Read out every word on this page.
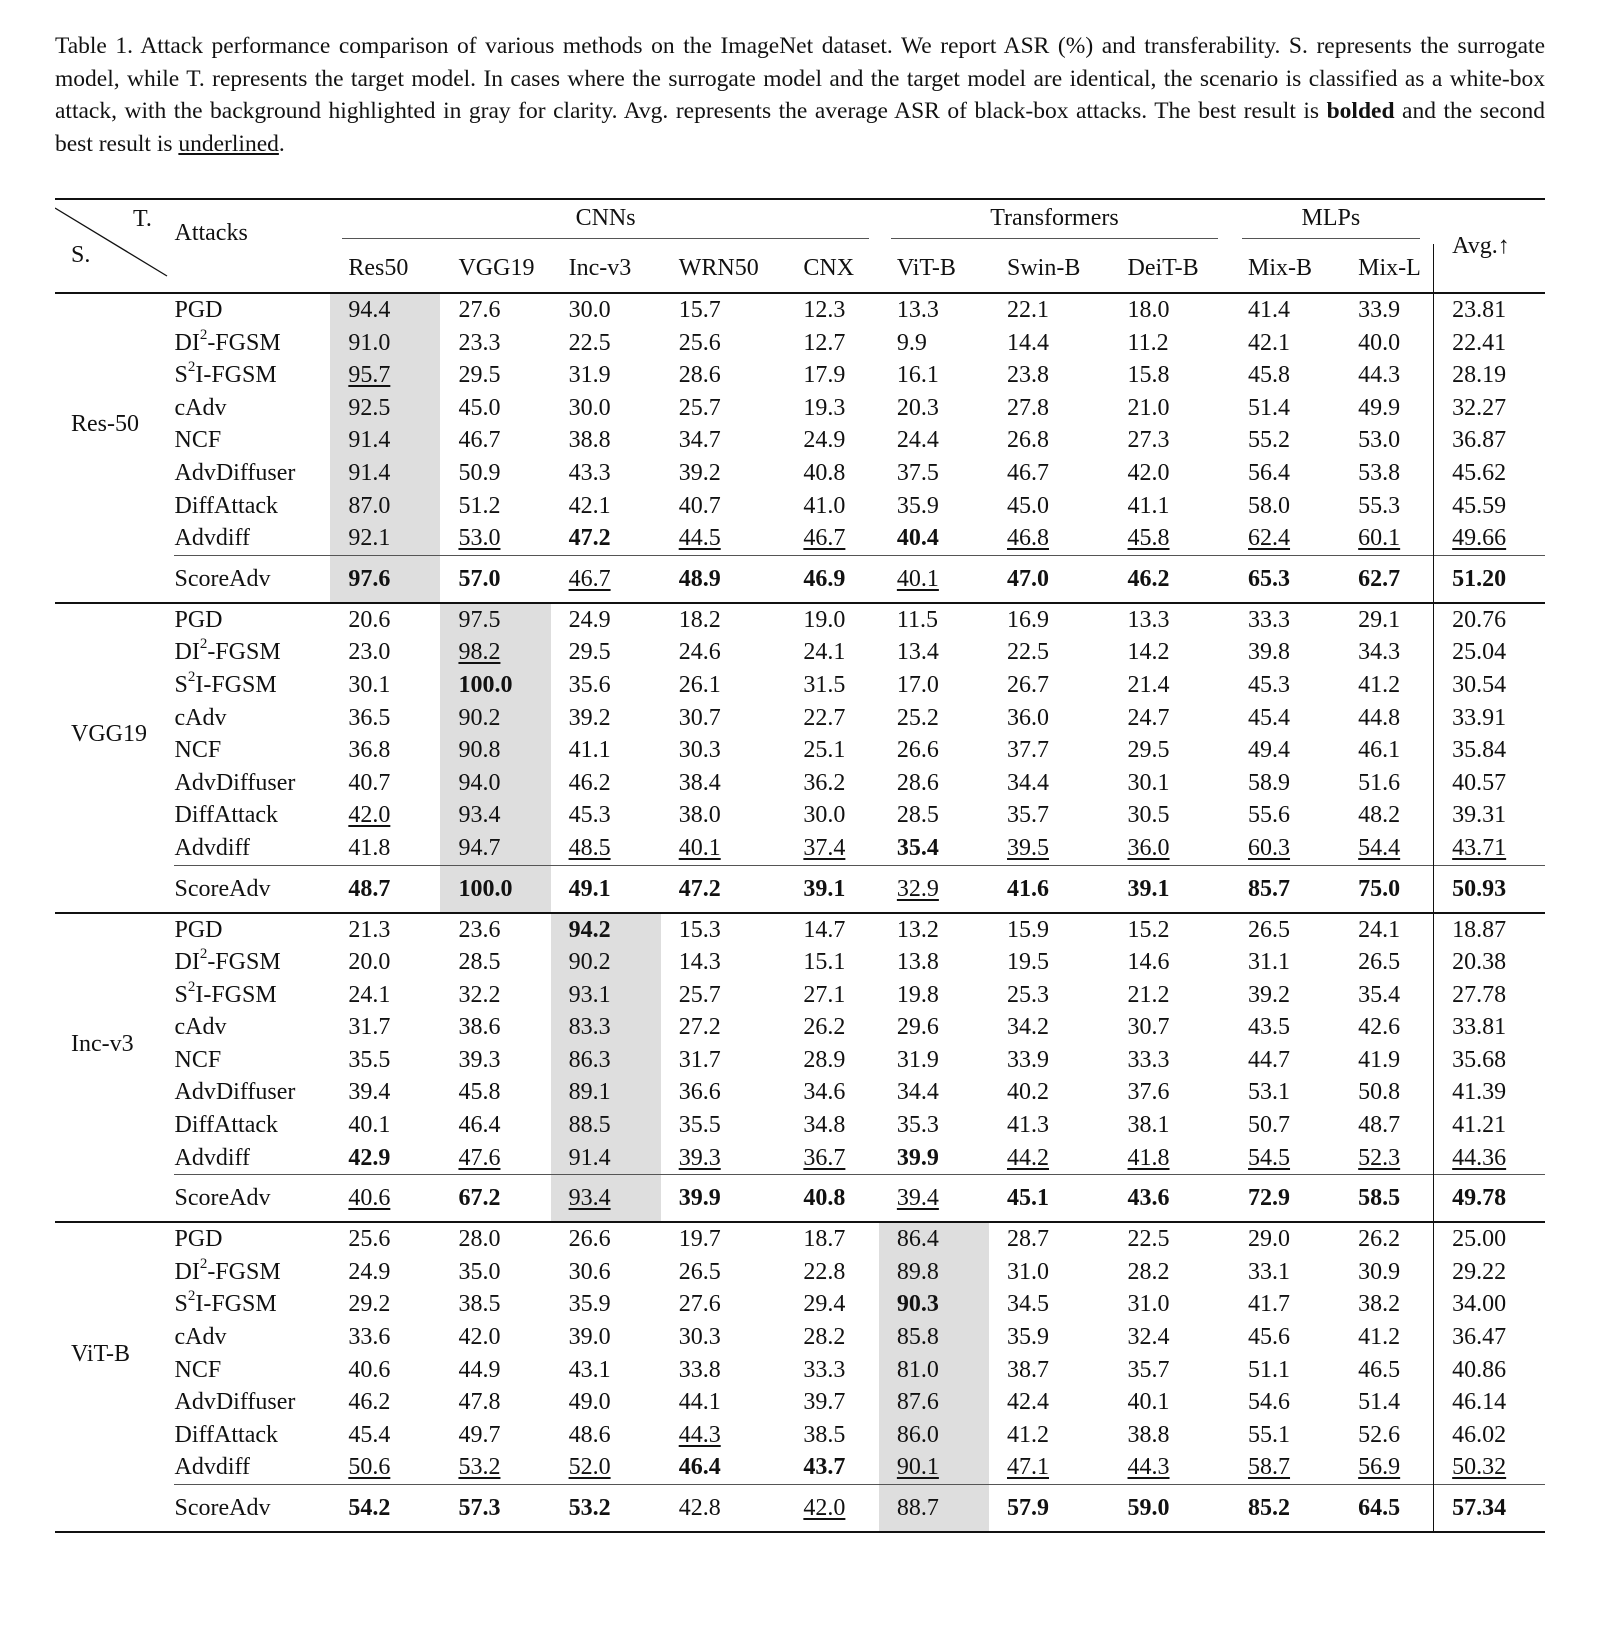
Table 1. Attack performance comparison of various methods on the ImageNet dataset. We report ASR (%) and transferability. S. represents the surrogate model, while T. represents the target model. In cases where the surrogate model and the target model are identical, the scenario is classified as a white-box attack, with the background highlighted in gray for clarity. Avg. represents the average ASR of black-box attacks. The best result is bolded and the second best result is underlined.
T.
S.	Attacks	CNNs					Transformers			MLPs		Avg.↑
		Res50	VGG19	Inc-v3	WRN50	CNX	ViT-B	Swin-B	DeiT-B	Mix-B	Mix-L	
Res-50	PGD	94.4	27.6	30.0	15.7	12.3	13.3	22.1	18.0	41.4	33.9	23.81
	$DI^2$-FGSM	91.0	23.3	22.5	25.6	12.7	9.9	14.4	11.2	42.1	40.0	22.41
	$S^2I$-FGSM	95.7	29.5	31.9	28.6	17.9	16.1	23.8	15.8	45.8	44.3	28.19
	cAdv	92.5	45.0	30.0	25.7	19.3	20.3	27.8	21.0	51.4	49.9	32.27
	NCF	91.4	46.7	38.8	34.7	24.9	24.4	26.8	27.3	55.2	53.0	36.87
	AdvDiffuser	91.4	50.9	43.3	39.2	40.8	37.5	46.7	42.0	56.4	53.8	45.62
	DiffAttack	87.0	51.2	42.1	40.7	41.0	35.9	45.0	41.1	58.0	55.3	45.59
	Advdiff	92.1	53.0	47.2	44.5	46.7	40.4	46.8	45.8	62.4	60.1	49.66

	ScoreAdv	97.6	57.0	46.7	48.9	46.9	40.1	47.0	46.2	65.3	62.7	51.20

VGG19	PGD	20.6	97.5	24.9	18.2	19.0	11.5	16.9	13.3	33.3	29.1	20.76
	$DI^2$-FGSM	23.0	98.2	29.5	24.6	24.1	13.4	22.5	14.2	39.8	34.3	25.04
	$S^2I$-FGSM	30.1	100.0	35.6	26.1	31.5	17.0	26.7	21.4	45.3	41.2	30.54
	cAdv	36.5	90.2	39.2	30.7	22.7	25.2	36.0	24.7	45.4	44.8	33.91
	NCF	36.8	90.8	41.1	30.3	25.1	26.6	37.7	29.5	49.4	46.1	35.84
	AdvDiffuser	40.7	94.0	46.2	38.4	36.2	28.6	34.4	30.1	58.9	51.6	40.57
	DiffAttack	42.0	93.4	45.3	38.0	30.0	28.5	35.7	30.5	55.6	48.2	39.31
	Advdiff	41.8	94.7	48.5	40.1	37.4	35.4	39.5	36.0	60.3	54.4	43.71

	ScoreAdv	48.7	100.0	49.1	47.2	39.1	32.9	41.6	39.1	85.7	75.0	50.93

Inc-v3	PGD	21.3	23.6	94.2	15.3	14.7	13.2	15.9	15.2	26.5	24.1	18.87
	$DI^2$-FGSM	20.0	28.5	90.2	14.3	15.1	13.8	19.5	14.6	31.1	26.5	20.38
	$S^2I$-FGSM	24.1	32.2	93.1	25.7	27.1	19.8	25.3	21.2	39.2	35.4	27.78
	cAdv	31.7	38.6	83.3	27.2	26.2	29.6	34.2	30.7	43.5	42.6	33.81
	NCF	35.5	39.3	86.3	31.7	28.9	31.9	33.9	33.3	44.7	41.9	35.68
	AdvDiffuser	39.4	45.8	89.1	36.6	34.6	34.4	40.2	37.6	53.1	50.8	41.39
	DiffAttack	40.1	46.4	88.5	35.5	34.8	35.3	41.3	38.1	50.7	48.7	41.21
	Advdiff	42.9	47.6	91.4	39.3	36.7	39.9	44.2	41.8	54.5	52.3	44.36

	ScoreAdv	40.6	67.2	93.4	39.9	40.8	39.4	45.1	43.6	72.9	58.5	49.78

ViT-B	PGD	25.6	28.0	26.6	19.7	18.7	86.4	28.7	22.5	29.0	26.2	25.00
	$DI^2$-FGSM	24.9	35.0	30.6	26.5	22.8	89.8	31.0	28.2	33.1	30.9	29.22
	$S^2I$-FGSM	29.2	38.5	35.9	27.6	29.4	90.3	34.5	31.0	41.7	38.2	34.00
	cAdv	33.6	42.0	39.0	30.3	28.2	85.8	35.9	32.4	45.6	41.2	36.47
	NCF	40.6	44.9	43.1	33.8	33.3	81.0	38.7	35.7	51.1	46.5	40.86
	AdvDiffuser	46.2	47.8	49.0	44.1	39.7	87.6	42.4	40.1	54.6	51.4	46.14
	DiffAttack	45.4	49.7	48.6	44.3	38.5	86.0	41.2	38.8	55.1	52.6	46.02
	Advdiff	50.6	53.2	52.0	46.4	43.7	90.1	47.1	44.3	58.7	56.9	50.32

	ScoreAdv	54.2	57.3	53.2	42.8	42.0	88.7	57.9	59.0	85.2	64.5	57.34
